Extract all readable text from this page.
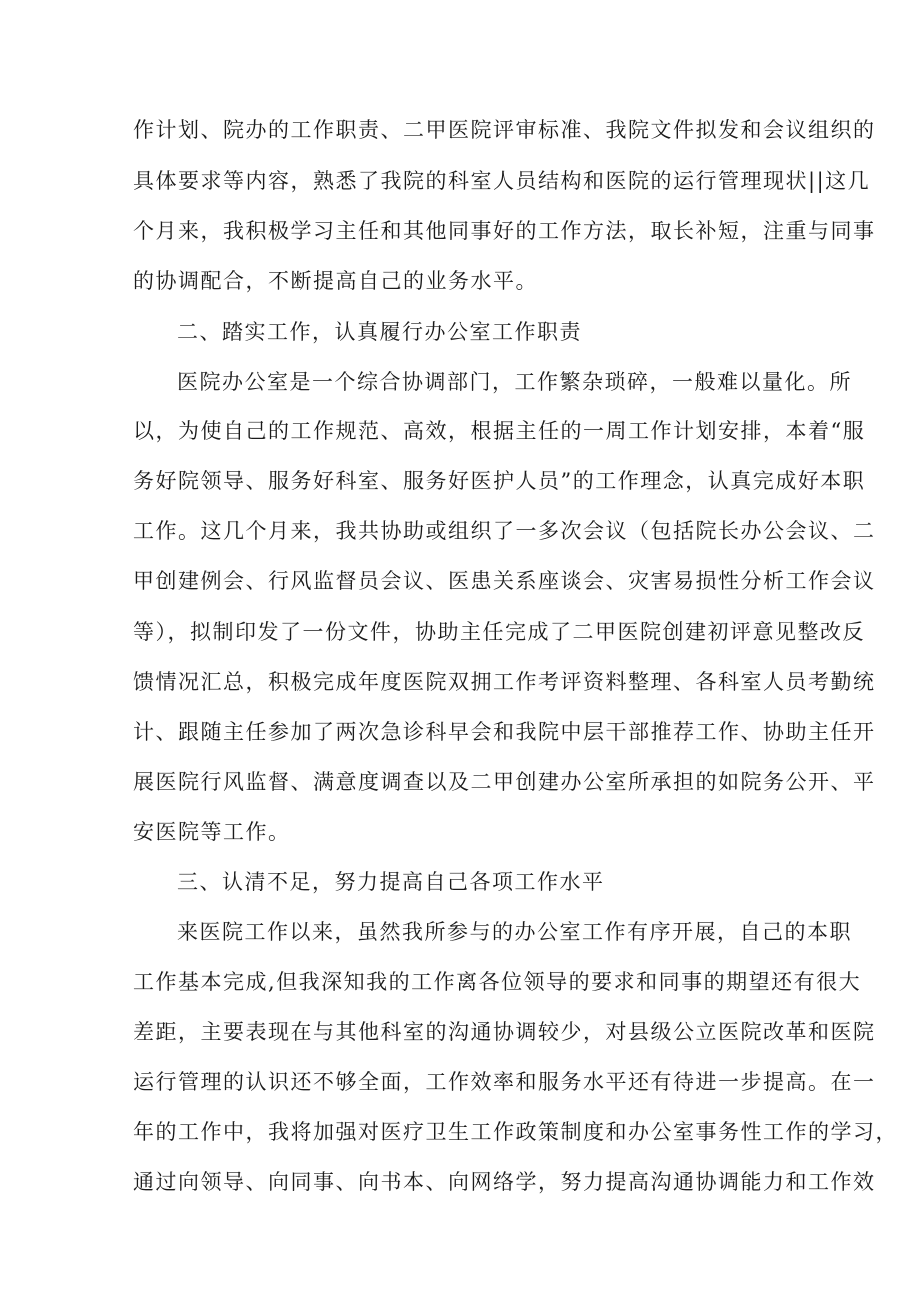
作计划、院办的工作职责、二甲医院评审标准、我院文件拟发和会议组织的
具体要求等内容，熟悉了我院的科室人员结构和医院的运行管理现状||这几
个月来，我积极学习主任和其他同事好的工作方法，取长补短，注重与同事
的协调配合，不断提高自己的业务水平。
二、踏实工作，认真履行办公室工作职责
医院办公室是一个综合协调部门，工作繁杂琐碎，一般难以量化。所
以，为使自己的工作规范、高效，根据主任的一周工作计划安排，本着“服
务好院领导、服务好科室、服务好医护人员”的工作理念，认真完成好本职
工作。这几个月来，我共协助或组织了一多次会议（包括院长办公会议、二
甲创建例会、行风监督员会议、医患关系座谈会、灾害易损性分析工作会议
等），拟制印发了一份文件，协助主任完成了二甲医院创建初评意见整改反
馈情况汇总，积极完成年度医院双拥工作考评资料整理、各科室人员考勤统
计、跟随主任参加了两次急诊科早会和我院中层干部推荐工作、协助主任开
展医院行风监督、满意度调查以及二甲创建办公室所承担的如院务公开、平
安医院等工作。
三、认清不足，努力提高自己各项工作水平
来医院工作以来，虽然我所参与的办公室工作有序开展，自己的本职
工作基本完成,但我深知我的工作离各位领导的要求和同事的期望还有很大
差距，主要表现在与其他科室的沟通协调较少，对县级公立医院改革和医院
运行管理的认识还不够全面，工作效率和服务水平还有待进一步提高。在一
年的工作中，我将加强对医疗卫生工作政策制度和办公室事务性工作的学习，
通过向领导、向同事、向书本、向网络学，努力提高沟通协调能力和工作效
